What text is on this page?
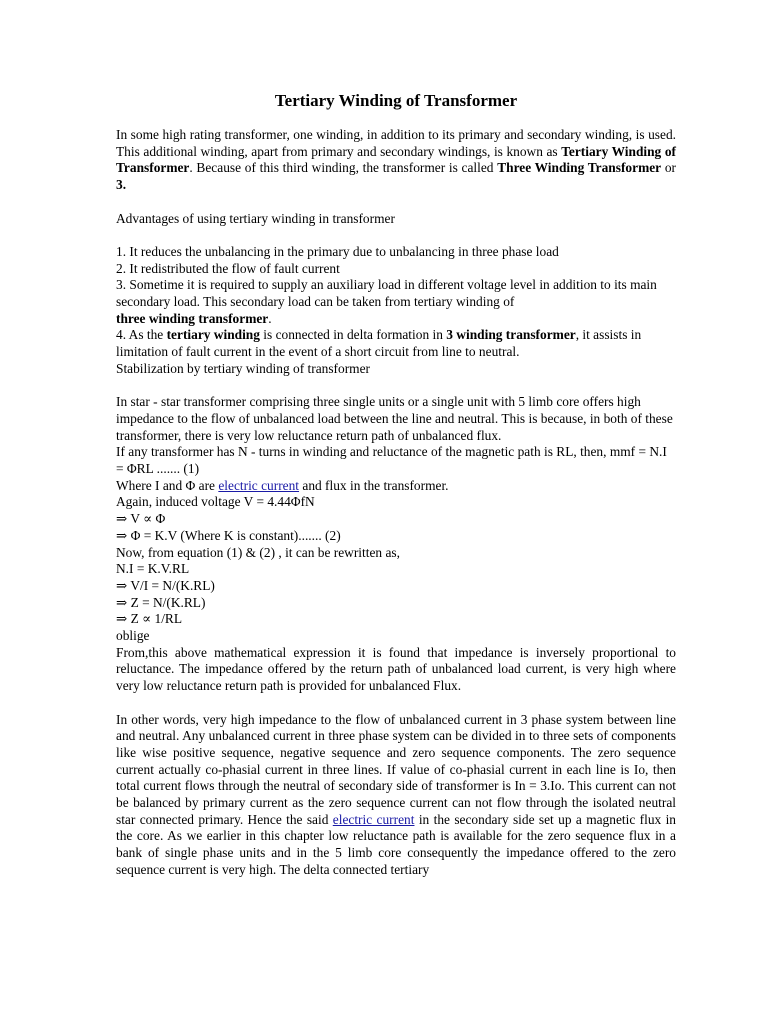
Tertiary Winding of Transformer

In some high rating transformer, one winding, in addition to its primary and secondary winding, is used. This additional winding, apart from primary and secondary windings, is known as Tertiary Winding of Transformer. Because of this third winding, the transformer is called Three Winding Transformer or 3.

Advantages of using tertiary winding in transformer

1. It reduces the unbalancing in the primary due to unbalancing in three phase load

2. It redistributed the flow of fault current

3. Sometime it is required to supply an auxiliary load in different voltage level in addition to its main secondary load. This secondary load can be taken from tertiary winding of
three winding transformer.

4. As the tertiary winding is connected in delta formation in 3 winding transformer, it assists in limitation of fault current in the event of a short circuit from line to neutral.

Stabilization by tertiary winding of transformer

In star - star transformer comprising three single units or a single unit with 5 limb core offers high impedance to the flow of unbalanced load between the line and neutral. This is because, in both of these transformer, there is very low reluctance return path of unbalanced flux.

If any transformer has N - turns in winding and reluctance of the magnetic path is RL, then, mmf = N.I = ΦRL ....... (1)

Where I and Φ are electric current and flux in the transformer.

Again, induced voltage V = 4.44ΦfN

⇒ V ∝ Φ

⇒ Φ = K.V (Where K is constant)....... (2)

Now, from equation (1) & (2) , it can be rewritten as,

N.I = K.V.RL

⇒ V/I = N/(K.RL)

⇒ Z = N/(K.RL)

⇒ Z ∝ 1/RL

oblige

From,this above mathematical expression it is found that impedance is inversely proportional to reluctance. The impedance offered by the return path of unbalanced load current, is very high where very low reluctance return path is provided for unbalanced Flux.

In other words, very high impedance to the flow of unbalanced current in 3 phase system between line and neutral. Any unbalanced current in three phase system can be divided in to three sets of components like wise positive sequence, negative sequence and zero sequence components. The zero sequence current actually co-phasial current in three lines. If value of co-phasial current in each line is Io, then total current flows through the neutral of secondary side of transformer is In = 3.Io. This current can not be balanced by primary current as the zero sequence current can not flow through the isolated neutral star connected primary. Hence the said electric current in the secondary side set up a magnetic flux in the core. As we earlier in this chapter low reluctance path is available for the zero sequence flux in a bank of single phase units and in the 5 limb core consequently the impedance offered to the zero sequence current is very high. The delta connected tertiary
